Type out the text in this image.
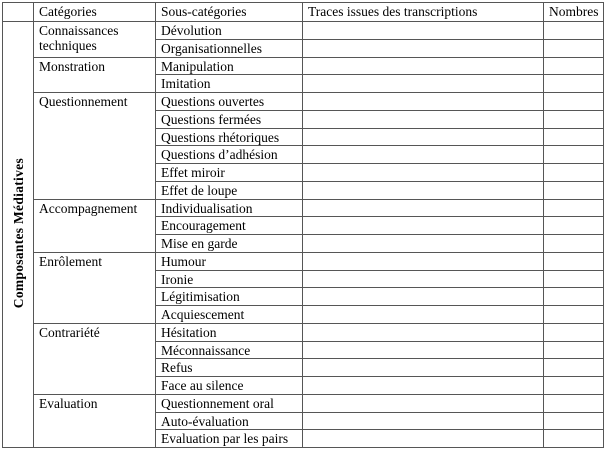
	Catégories	Sous-catégories	Traces issues des transcriptions	Nombres
Composantes Médiatives	Connaissances techniques	Dévolution		
		Organisationnelles		
	Monstration	Manipulation		
		Imitation		
	Questionnement	Questions ouvertes		
		Questions fermées		
		Questions rhétoriques		
		Questions d’adhésion		
		Effet miroir		
		Effet de loupe		
	Accompagnement	Individualisation		
		Encouragement		
		Mise en garde		
	Enrôlement	Humour		
		Ironie		
		Légitimisation		
		Acquiescement		
	Contrariété	Hésitation		
		Méconnaissance		
		Refus		
		Face au silence		
	Evaluation	Questionnement oral		
		Auto-évaluation		
		Evaluation par les pairs		
